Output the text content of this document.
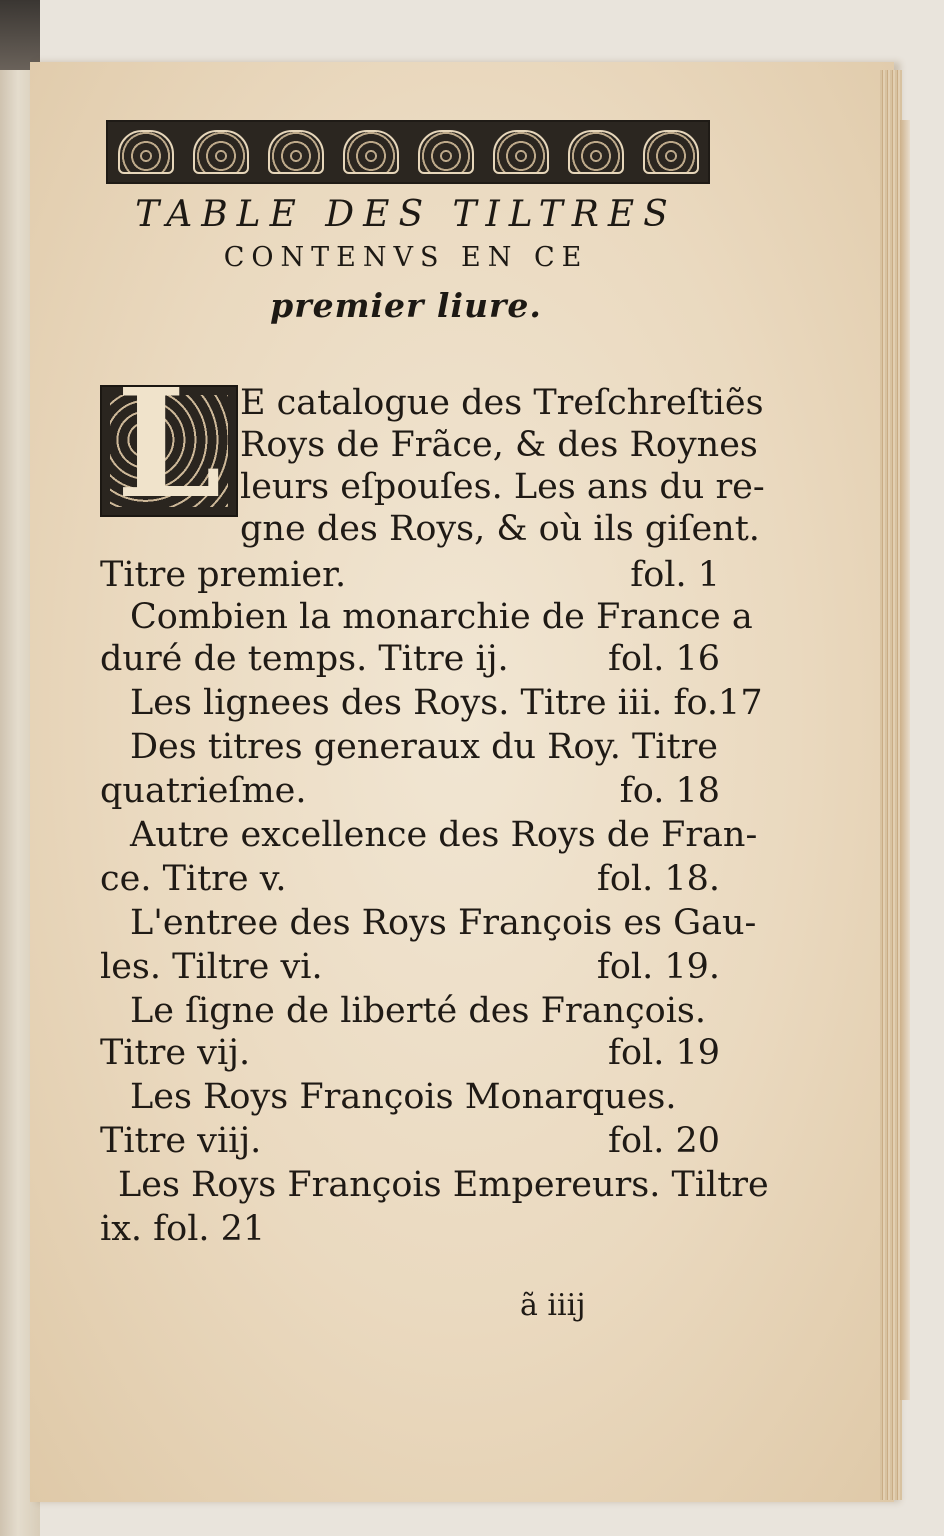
TABLE DES TILTRES

CONTENVS EN CE

premier liure.

L E catalogue des Treſchreſtiẽs

Roys de Frãce, & des Roynes

leurs eſpouſes. Les ans du re-

gne des Roys, & où ils giſent.

Titre premier.	fol. 1

Combien la monarchie de France a

duré de temps. Titre ij.	fol. 16

Les lignees des Roys. Titre iii. fo.17

Des titres generaux du Roy. Titre

quatrieſme.	fo. 18

Autre excellence des Roys de Fran-

ce. Titre v.	fol. 18.

L'entree des Roys François es Gau-

les. Tiltre vi.	fol. 19.

Le ſigne de liberté des François.

Titre vij.	fol. 19

Les Roys François Monarques.

Titre viij.	fol. 20

Les Roys François Empereurs. Tiltre

ix. fol. 21

ã iiij
